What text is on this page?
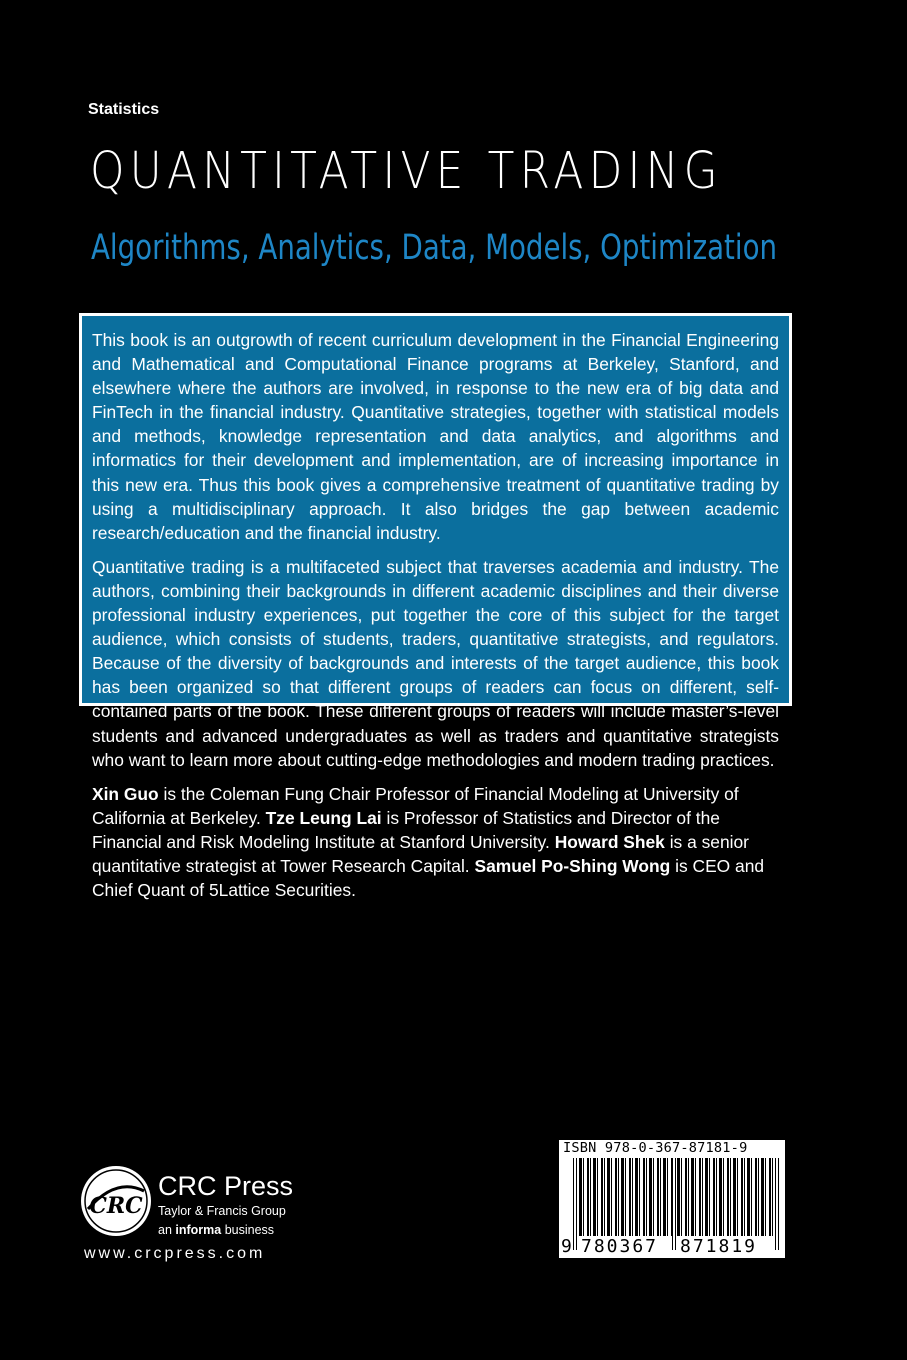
Statistics
QUANTITATIVE TRADING
Algorithms, Analytics, Data, Models, Optimization

This book is an outgrowth of recent curriculum development in the Financial Engineering and Mathematical and Computational Finance programs at Berkeley, Stanford, and elsewhere where the authors are involved, in response to the new era of big data and FinTech in the financial industry. Quantitative strategies, together with statistical models and methods, knowledge representation and data analytics, and algorithms and informatics for their development and implementation, are of increasing importance in this new era. Thus this book gives a comprehensive treatment of quantitative trading by using a multidisciplinary approach. It also bridges the gap between academic research/education and the financial industry.

Quantitative trading is a multifaceted subject that traverses academia and industry. The authors, combining their backgrounds in different academic disciplines and their diverse professional industry experiences, put together the core of this subject for the target audience, which consists of students, traders, quantitative strategists, and regulators. Because of the diversity of backgrounds and interests of the target audience, this book has been organized so that different groups of readers can focus on different, self-contained parts of the book. These different groups of readers will include master’s-level students and advanced undergraduates as well as traders and quantitative strategists who want to learn more about cutting-edge methodologies and modern trading practices.

Xin Guo is the Coleman Fung Chair Professor of Financial Modeling at University of California at Berkeley. Tze Leung Lai is Professor of Statistics and Director of the Financial and Risk Modeling Institute at Stanford University. Howard Shek is a senior quantitative strategist at Tower Research Capital. Samuel Po-Shing Wong is CEO and Chief Quant of 5Lattice Securities.

CRC
CRC Press
Taylor & Francis Group
an informa business
www.crcpress.com
ISBN 978-0-367-87181-9
9 780367 871819
